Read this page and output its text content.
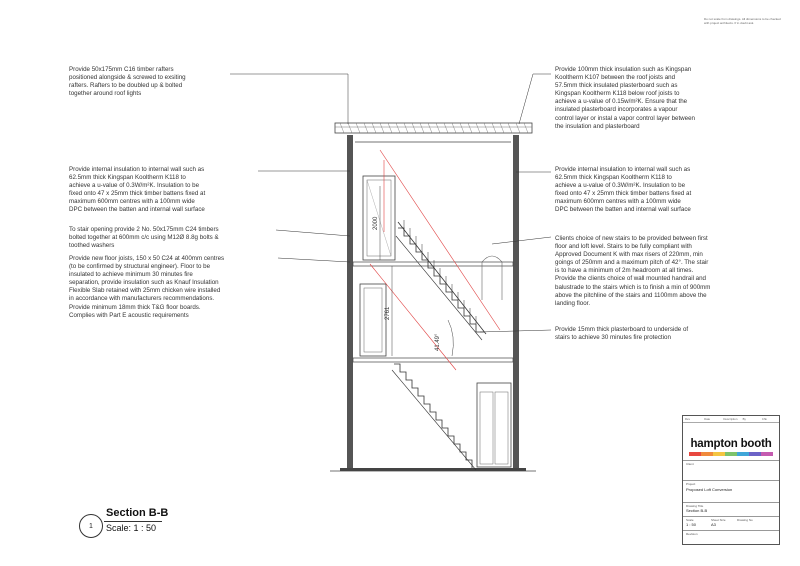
Do not scale from drawings. All dimensions to be checked with project architects. If in doubt ask.
2000
2761
41.49°
Provide 50x175mm C16 timber rafters
positioned alongside & screwed to exsiting
rafters. Rafters to be doubled up & bolted
together around roof lights
Provide internal insulation to internal wall such as
62.5mm thick Kingspan Kooltherm K118 to
achieve a u-value of 0.3W/m²K. Insulation to be
fixed onto 47 x 25mm thick timber battens fixed at
maximum 600mm centres with a 100mm wide
DPC between the batten and internal wall surface
To stair opening provide 2 No. 50x175mm C24 timbers
bolted together at 600mm c/c using M12Ø 8.8g bolts &
toothed washers
Provide new floor joists, 150 x 50 C24 at 400mm centres
(to be confirmed by structural engineer). Floor to be
insulated to achieve minimum 30 minutes fire
separation, provide insulation such as Knauf Insulation
Flexible Slab retained with 25mm chicken wire installed
in accordance with manufacturers recommendations.
Provide minimum 18mm thick T&G floor boards.
Complies with Part E acoustic requirements
Provide 100mm thick insulation such as Kingspan
Kooltherm K107 between the roof joists and
57.5mm thick insulated plasterboard such as
Kingspan Kooltherm K118 below roof joists to
achieve a u-value of 0.15w/m²K. Ensure that the
insulated plasterboard incorporates a vapour
control layer or instal a vapor control layer between
the insulation and plasterboard
Provide internal insulation to internal wall such as
62.5mm thick Kingspan Kooltherm K118 to
achieve a u-value of 0.3W/m²K. Insulation to be
fixed onto 47 x 25mm thick timber battens fixed at
maximum 600mm centres with a 100mm wide
DPC between the batten and internal wall surface
Clients choice of new stairs to be provided between first
floor and loft level. Stairs to be fully compliant with
Approved Document K with max risers of 220mm, min
goings of 250mm and a maximum pitch of 42°. The stair
is to have a minimum of 2m headroom at all times.
Provide the clients choice of wall mounted handrail and
balustrade to the stairs which is to finish a min of 900mm
above the pitchline of the stairs and 1100mm above the
landing floor.
Provide 15mm thick plasterboard to underside of
stairs to achieve 30 minutes fire protection
1
Section B-B
Scale: 1 : 50
Rev	Date	Description	By	Chk
hampton booth
Client
Project
Proposed Loft Conversion
Drawing Title
Section B-B
Scale
1 : 50
Sheet Size
A3
Drawing No
Revision
